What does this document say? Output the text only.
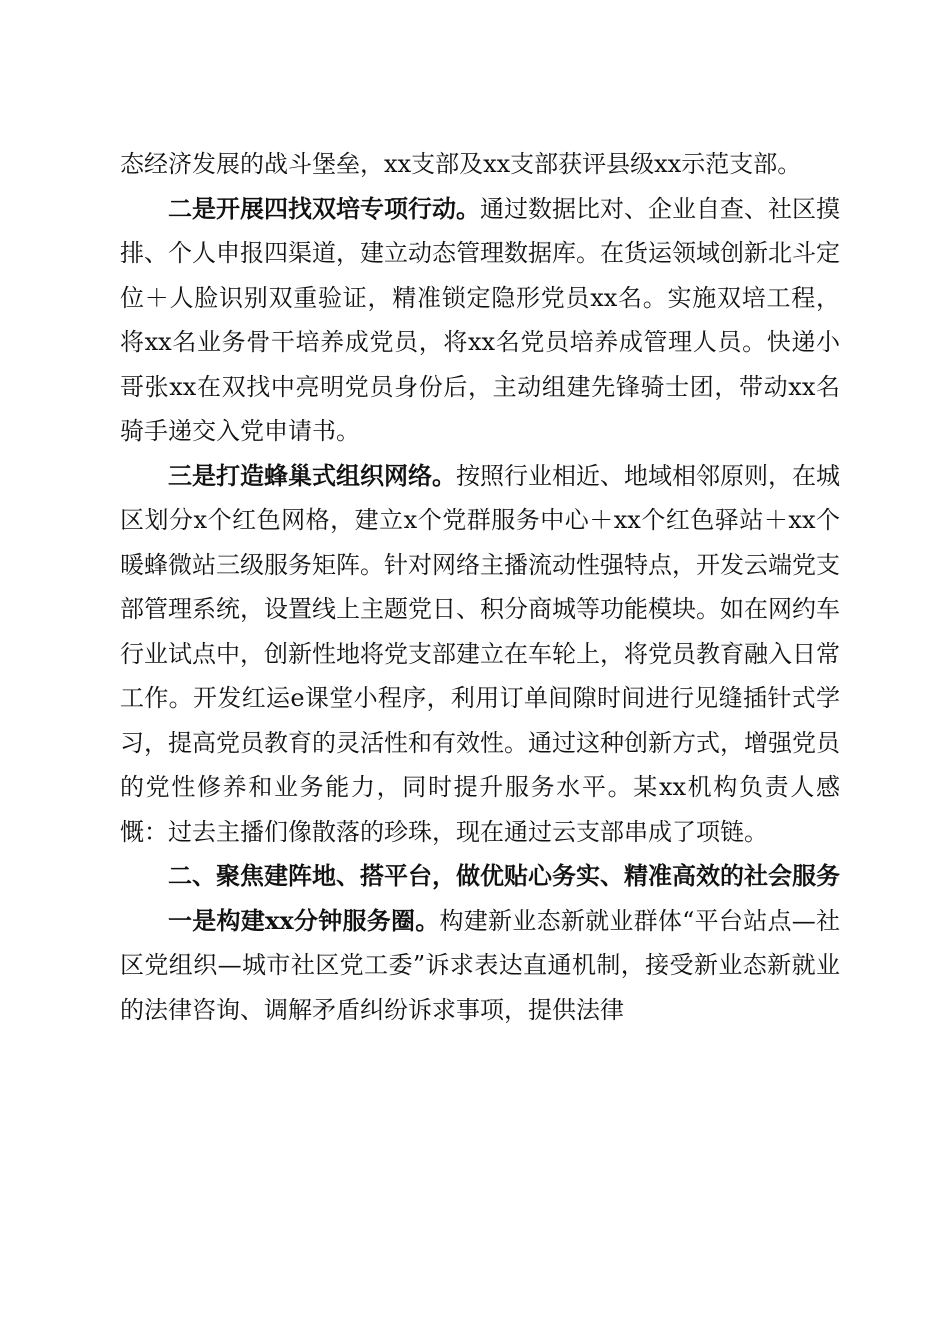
态经济发展的战斗堡垒，xx支部及xx支部获评县级xx示范支部。

二是开展四找双培专项行动。通过数据比对、企业自查、社区摸排、个人申报四渠道，建立动态管理数据库。在货运领域创新北斗定位＋人脸识别双重验证，精准锁定隐形党员xx名。实施双培工程，将xx名业务骨干培养成党员，将xx名党员培养成管理人员。快递小哥张xx在双找中亮明党员身份后，主动组建先锋骑士团，带动xx名骑手递交入党申请书。

三是打造蜂巢式组织网络。按照行业相近、地域相邻原则，在城区划分x个红色网格，建立x个党群服务中心＋xx个红色驿站＋xx个暖蜂微站三级服务矩阵。针对网络主播流动性强特点，开发云端党支部管理系统，设置线上主题党日、积分商城等功能模块。如在网约车行业试点中，创新性地将党支部建立在车轮上，将党员教育融入日常工作。开发红运e课堂小程序，利用订单间隙时间进行见缝插针式学习，提高党员教育的灵活性和有效性。通过这种创新方式，增强党员的党性修养和业务能力，同时提升服务水平。某xx机构负责人感慨：过去主播们像散落的珍珠，现在通过云支部串成了项链。

二、聚焦建阵地、搭平台，做优贴心务实、精准高效的社会服务

一是构建xx分钟服务圈。构建新业态新就业群体“平台站点—社区党组织—城市社区党工委”诉求表达直通机制，接受新业态新就业的法律咨询、调解矛盾纠纷诉求事项，提供法律
